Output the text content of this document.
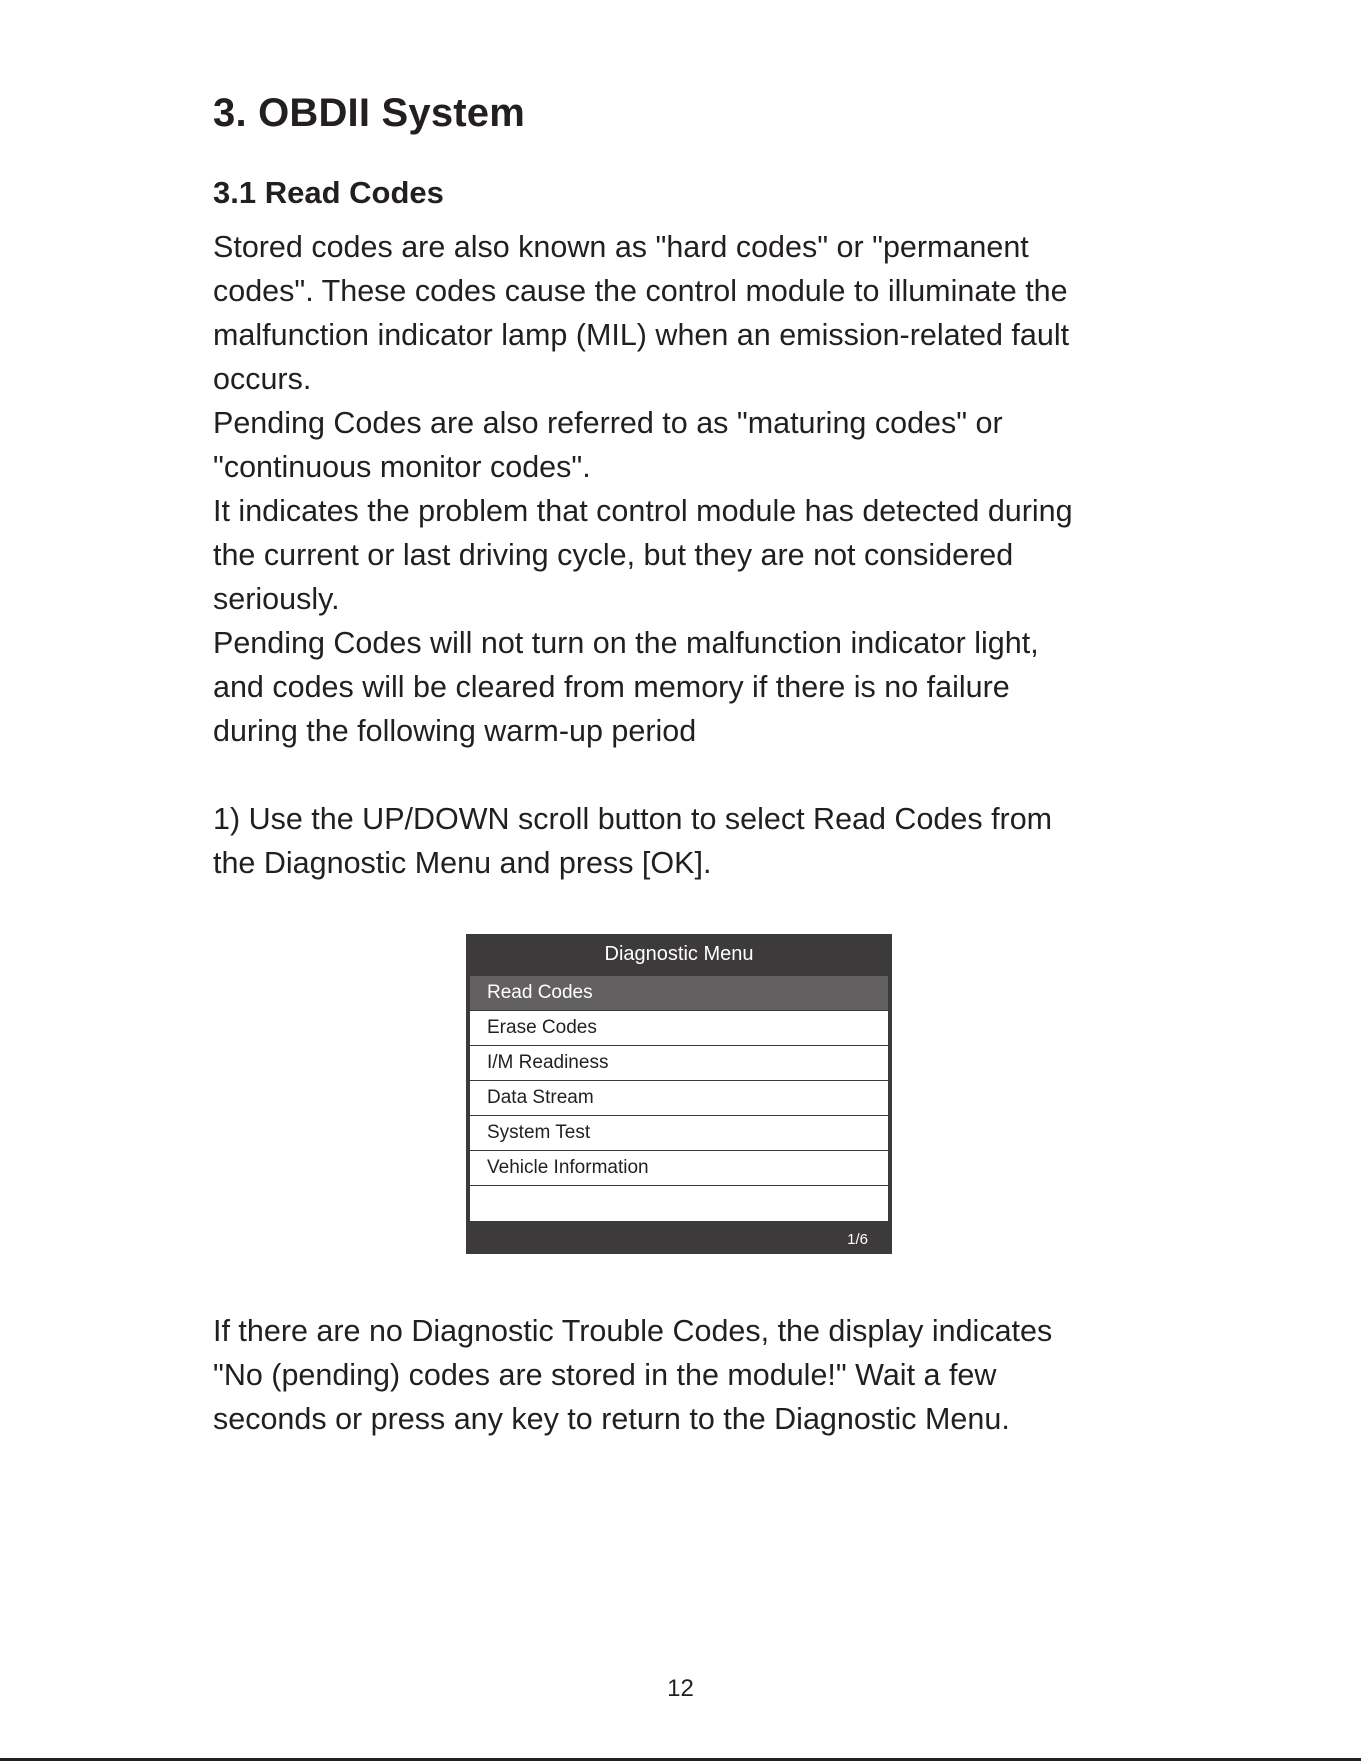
3. OBDII System
3.1 Read Codes

Stored codes are also known as "hard codes" or "permanent
codes". These codes cause the control module to illuminate the
malfunction indicator lamp (MIL) when an emission-related fault
occurs.

Pending Codes are also referred to as "maturing codes" or
"continuous monitor codes".

It indicates the problem that control module has detected during
the current or last driving cycle, but they are not considered
seriously.

Pending Codes will not turn on the malfunction indicator light,
and codes will be cleared from memory if there is no failure
during the following warm-up period

1) Use the UP/DOWN scroll button to select Read Codes from
the Diagnostic Menu and press [OK].

Diagnostic Menu
Read Codes
Erase Codes
I/M Readiness
Data Stream
System Test
Vehicle Information
1/6

If there are no Diagnostic Trouble Codes, the display indicates
"No (pending) codes are stored in the module!" Wait a few
seconds or press any key to return to the Diagnostic Menu.

12
